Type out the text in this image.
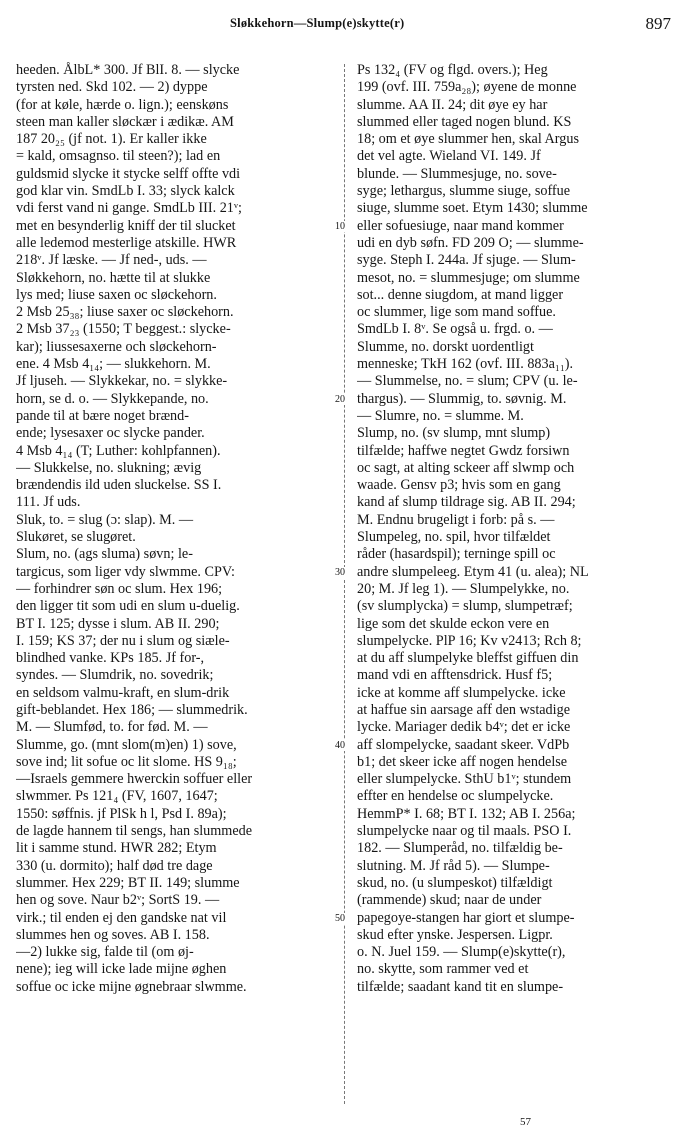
Sløkkehorn—Slump(e)skytte(r)	897
heeden. ÅlbL* 300. Jf BlI. 8. — slycke
tyrsten ned. Skd 102. — 2) dyppe
(for at køle, hærde o. lign.); eenskøns
steen man kaller sløckær i ædikæ. AM
187 20₂₅ (jf not. 1). Er kaller ikke
= kald, omsagnso. til steen?); lad en
guldsmid slycke it stycke selff offte vdi
god klar vin. SmdLb I. 33; slyck kalck
vdi ferst vand ni gange. SmdLb III. 21ᵛ;
met en besynderlig kniff der til slucket
alle ledemod mesterlige atskille. HWR
218ᵛ. Jf læske. — Jf ned-, uds. —
Sløkkehorn, no. hætte til at slukke
lys med; liuse saxen oc sløckehorn.
2 Msb 25₃₈; liuse saxer oc sløckehorn.
2 Msb 37₂₃ (1550; T beggest.: slycke-
kar); liussesaxerne och sløckehorn-
ene. 4 Msb 4₁₄; — slukkehorn. M.
Jf ljuseh. — Slykkekar, no. = slykke-
horn, se d. o. — Slykkepande, no.
pande til at bære noget brænd-
ende; lysesaxer oc slycke pander.
4 Msb 4₁₄ (T; Luther: kohlpfannen).
— Slukkelse, no. slukning; ævig
brændendis ild uden sluckelse. SS I.
111. Jf uds.
Sluk, to. = slug (ɔ: slap). M. —
Slukøret, se slugøret.
Slum, no. (ags sluma) søvn; le-
targicus, som liger vdy slwmme. CPV:
— forhindrer søn oc slum. Hex 196;
den ligger tit som udi en slum u-duelig.
BT I. 125; dysse i slum. AB II. 290;
I. 159; KS 37; der nu i slum og siæle-
blindhed vanke. KPs 185. Jf for-,
syndes. — Slumdrik, no. sovedrik;
en seldsom valmu-kraft, en slum-drik
gift-beblandet. Hex 186; — slummedrik.
M. — Slumfød, to. for fød. M. —
Slumme, go. (mnt slom(m)en) 1) sove,
sove ind; lit sofue oc lit slome. HS 9₁₈;
—Israels gemmere hwerckin soffuer eller
slwmmer. Ps 121₄ (FV, 1607, 1647;
1550: søffnis. jf PlSk h l, Psd I. 89a);
de lagde hannem til sengs, han slummede
lit i samme stund. HWR 282; Etym
330 (u. dormito); half død tre dage
slummer. Hex 229; BT II. 149; slumme
hen og sove. Naur b2ᵛ; SortS 19. —
virk.; til enden ej den gandske nat vil
slummes hen og soves. AB I. 158.
—2) lukke sig, falde til (om øj-
nene); ieg will icke lade mijne øghen
soffue oc icke mijne øgnebraar slwmme.
10
20
30
40
50
Ps 132₄ (FV og flgd. overs.); Heg
199 (ovf. III. 759a₂₈); øyene de monne
slumme. AA II. 24; dit øye ey har
slummed eller taged nogen blund. KS
18; om et øye slummer hen, skal Argus
det vel agte. Wieland VI. 149. Jf
blunde. — Slummesjuge, no. sove-
syge; lethargus, slumme siuge, soffue
siuge, slumme soet. Etym 1430; slumme
eller sofuesiuge, naar mand kommer
udi en dyb søfn. FD 209 O; — slumme-
syge. Steph I. 244a. Jf sjuge. — Slum-
mesot, no. = slummesjuge; om slumme
sot... denne siugdom, at mand ligger
oc slummer, lige som mand soffue.
SmdLb I. 8ᵛ. Se også u. frgd. o. —
Slumme, no. dorskt uordentligt
menneske; TkH 162 (ovf. III. 883a₁₁).
— Slummelse, no. = slum; CPV (u. le-
thargus). — Slummig, to. søvnig. M.
— Slumre, no. = slumme. M.
Slump, no. (sv slump, mnt slump)
tilfælde; haffwe negtet Gwdz forsiwn
oc sagt, at alting sckeer aff slwmp och
waade. Gensv p3; hvis som en gang
kand af slump tildrage sig. AB II. 294;
M. Endnu brugeligt i forb: på s. —
Slumpeleg, no. spil, hvor tilfældet
råder (hasardspil); terninge spill oc
andre slumpeleeg. Etym 41 (u. alea); NL
20; M. Jf leg 1). — Slumpelykke, no.
(sv slumplycka) = slump, slumpetræf;
lige som det skulde eckon vere en
slumpelycke. PlP 16; Kv v2413; Rch 8;
at du aff slumpelyke bleffst giffuen din
mand vdi en afftensdrick. Husf f5;
icke at komme aff slumpelycke. icke
at haffue sin aarsage aff den wstadige
lycke. Mariager dedik b4ᵛ; det er icke
aff slompelycke, saadant skeer. VdPb
b1; det skeer icke aff nogen hendelse
eller slumpelycke. SthU b1ᵛ; stundem
effter en hendelse oc slumpelycke.
HemmP* I. 68; BT I. 132; AB I. 256a;
slumpelycke naar og til maals. PSO I.
182. — Slumperåd, no. tilfældig be-
slutning. M. Jf råd 5). — Slumpe-
skud, no. (u slumpeskot) tilfældigt
(rammende) skud; naar de under
papegoye-stangen har giort et slumpe-
skud efter ynske. Jespersen. Ligpr.
o. N. Juel 159. — Slump(e)skytte(r),
no. skytte, som rammer ved et
tilfælde; saadant kand tit en slumpe-
57
